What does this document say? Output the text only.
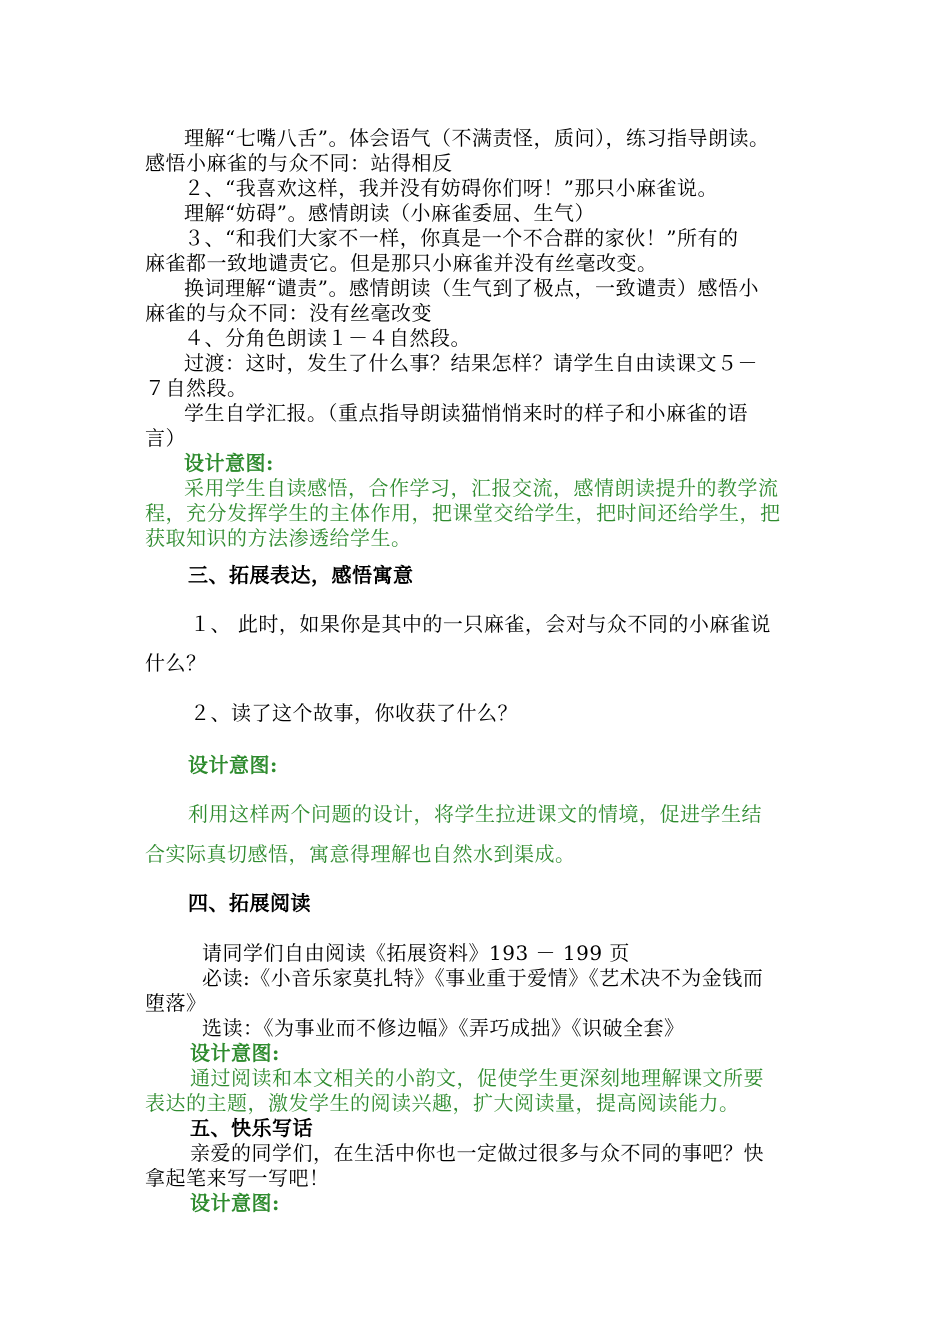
理解“七嘴八舌”。体会语气（不满责怪，质问），练习指导朗读。
感悟小麻雀的与众不同：站得相反
２、“我喜欢这样，我并没有妨碍你们呀！”那只小麻雀说。
理解“妨碍”。感情朗读（小麻雀委屈、生气）
３、“和我们大家不一样，你真是一个不合群的家伙！”所有的
麻雀都一致地谴责它。但是那只小麻雀并没有丝毫改变。
换词理解“谴责”。感情朗读（生气到了极点，一致谴责）感悟小
麻雀的与众不同：没有丝毫改变
４、分角色朗读１－４自然段。
过渡：这时，发生了什么事？结果怎样？请学生自由读课文５－
７自然段。
学生自学汇报。（重点指导朗读猫悄悄来时的样子和小麻雀的语
言）
设计意图:
采用学生自读感悟，合作学习，汇报交流，感情朗读提升的教学流
程，充分发挥学生的主体作用，把课堂交给学生，把时间还给学生，把
获取知识的方法渗透给学生。
三、拓展表达，感悟寓意
１、 此时，如果你是其中的一只麻雀，会对与众不同的小麻雀说
什么？
２、读了这个故事，你收获了什么？
设计意图:
利用这样两个问题的设计，将学生拉进课文的情境，促进学生结
合实际真切感悟，寓意得理解也自然水到渠成。
四、拓展阅读
请同学们自由阅读《拓展资料》193 － 199 页
必读:《小音乐家莫扎特》《事业重于爱情》《艺术决不为金钱而
堕落》
选读：《为事业而不修边幅》《弄巧成拙》《识破全套》
设计意图:
通过阅读和本文相关的小韵文，促使学生更深刻地理解课文所要
表达的主题，激发学生的阅读兴趣，扩大阅读量，提高阅读能力。
五、快乐写话
亲爱的同学们，在生活中你也一定做过很多与众不同的事吧？快
拿起笔来写一写吧！
设计意图:
